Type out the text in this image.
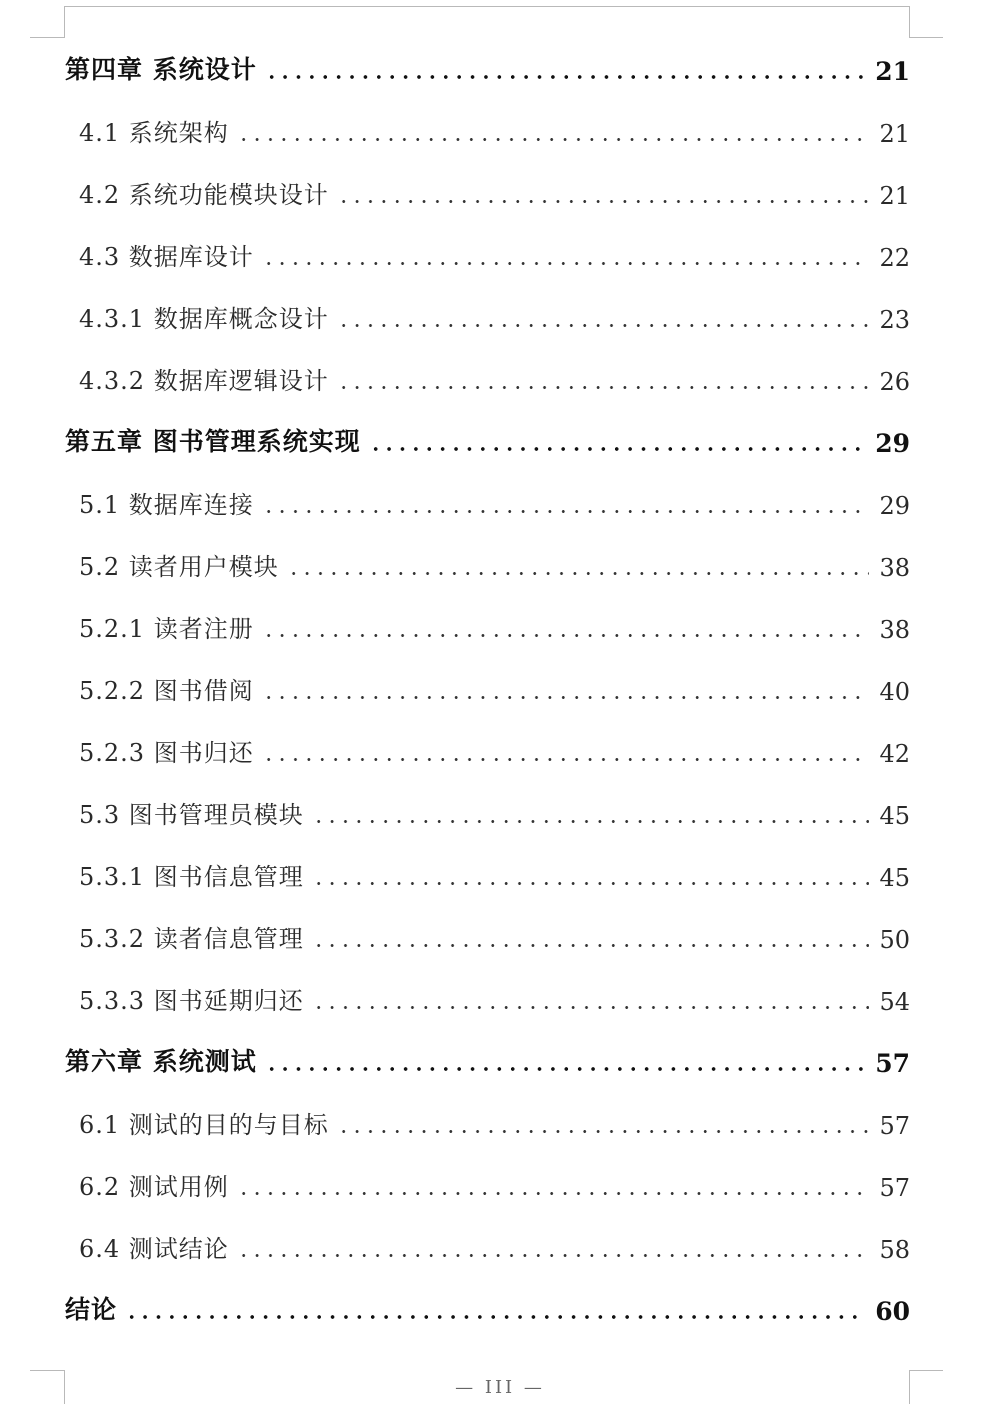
第四章 系统设计	21
4.1 系统架构	21
4.2 系统功能模块设计	21
4.3 数据库设计	22
4.3.1 数据库概念设计	23
4.3.2 数据库逻辑设计	26
第五章 图书管理系统实现	29
5.1 数据库连接	29
5.2 读者用户模块	38
5.2.1 读者注册	38
5.2.2 图书借阅	40
5.2.3 图书归还	42
5.3 图书管理员模块	45
5.3.1 图书信息管理	45
5.3.2 读者信息管理	50
5.3.3 图书延期归还	54
第六章 系统测试	57
6.1 测试的目的与目标	57
6.2 测试用例	57
6.4 测试结论	58
结论	60
— III —
